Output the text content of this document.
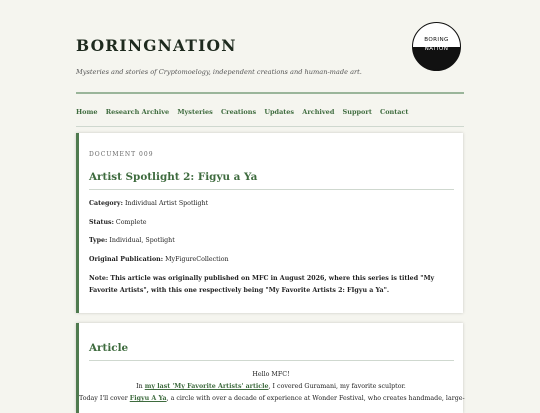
BORINGNATION
Mysteries and stories of Cryptomoelogy, independent creations and human-made art.
BORING
NATION
Home Research Archive Mysteries Creations Updates Archived Support Contact
DOCUMENT 009
Artist Spotlight 2: Figyu a Ya
Category: Individual Artist Spotlight
Status: Complete
Type: Individual, Spotlight
Original Publication: MyFigureCollection
Note: This article was originally published on MFC in August 2026, where this series is titled "My Favorite Artists", with this one respectively being "My Favorite Artists 2: FIgyu a Ya".
Article
Hello MFC!
In my last 'My Favorite Artists' article, I covered Guramani, my favorite sculptor.
Today I'll cover Figyu A Ya, a circle with over a decade of experience at Wonder Festival, who creates handmade, large-
